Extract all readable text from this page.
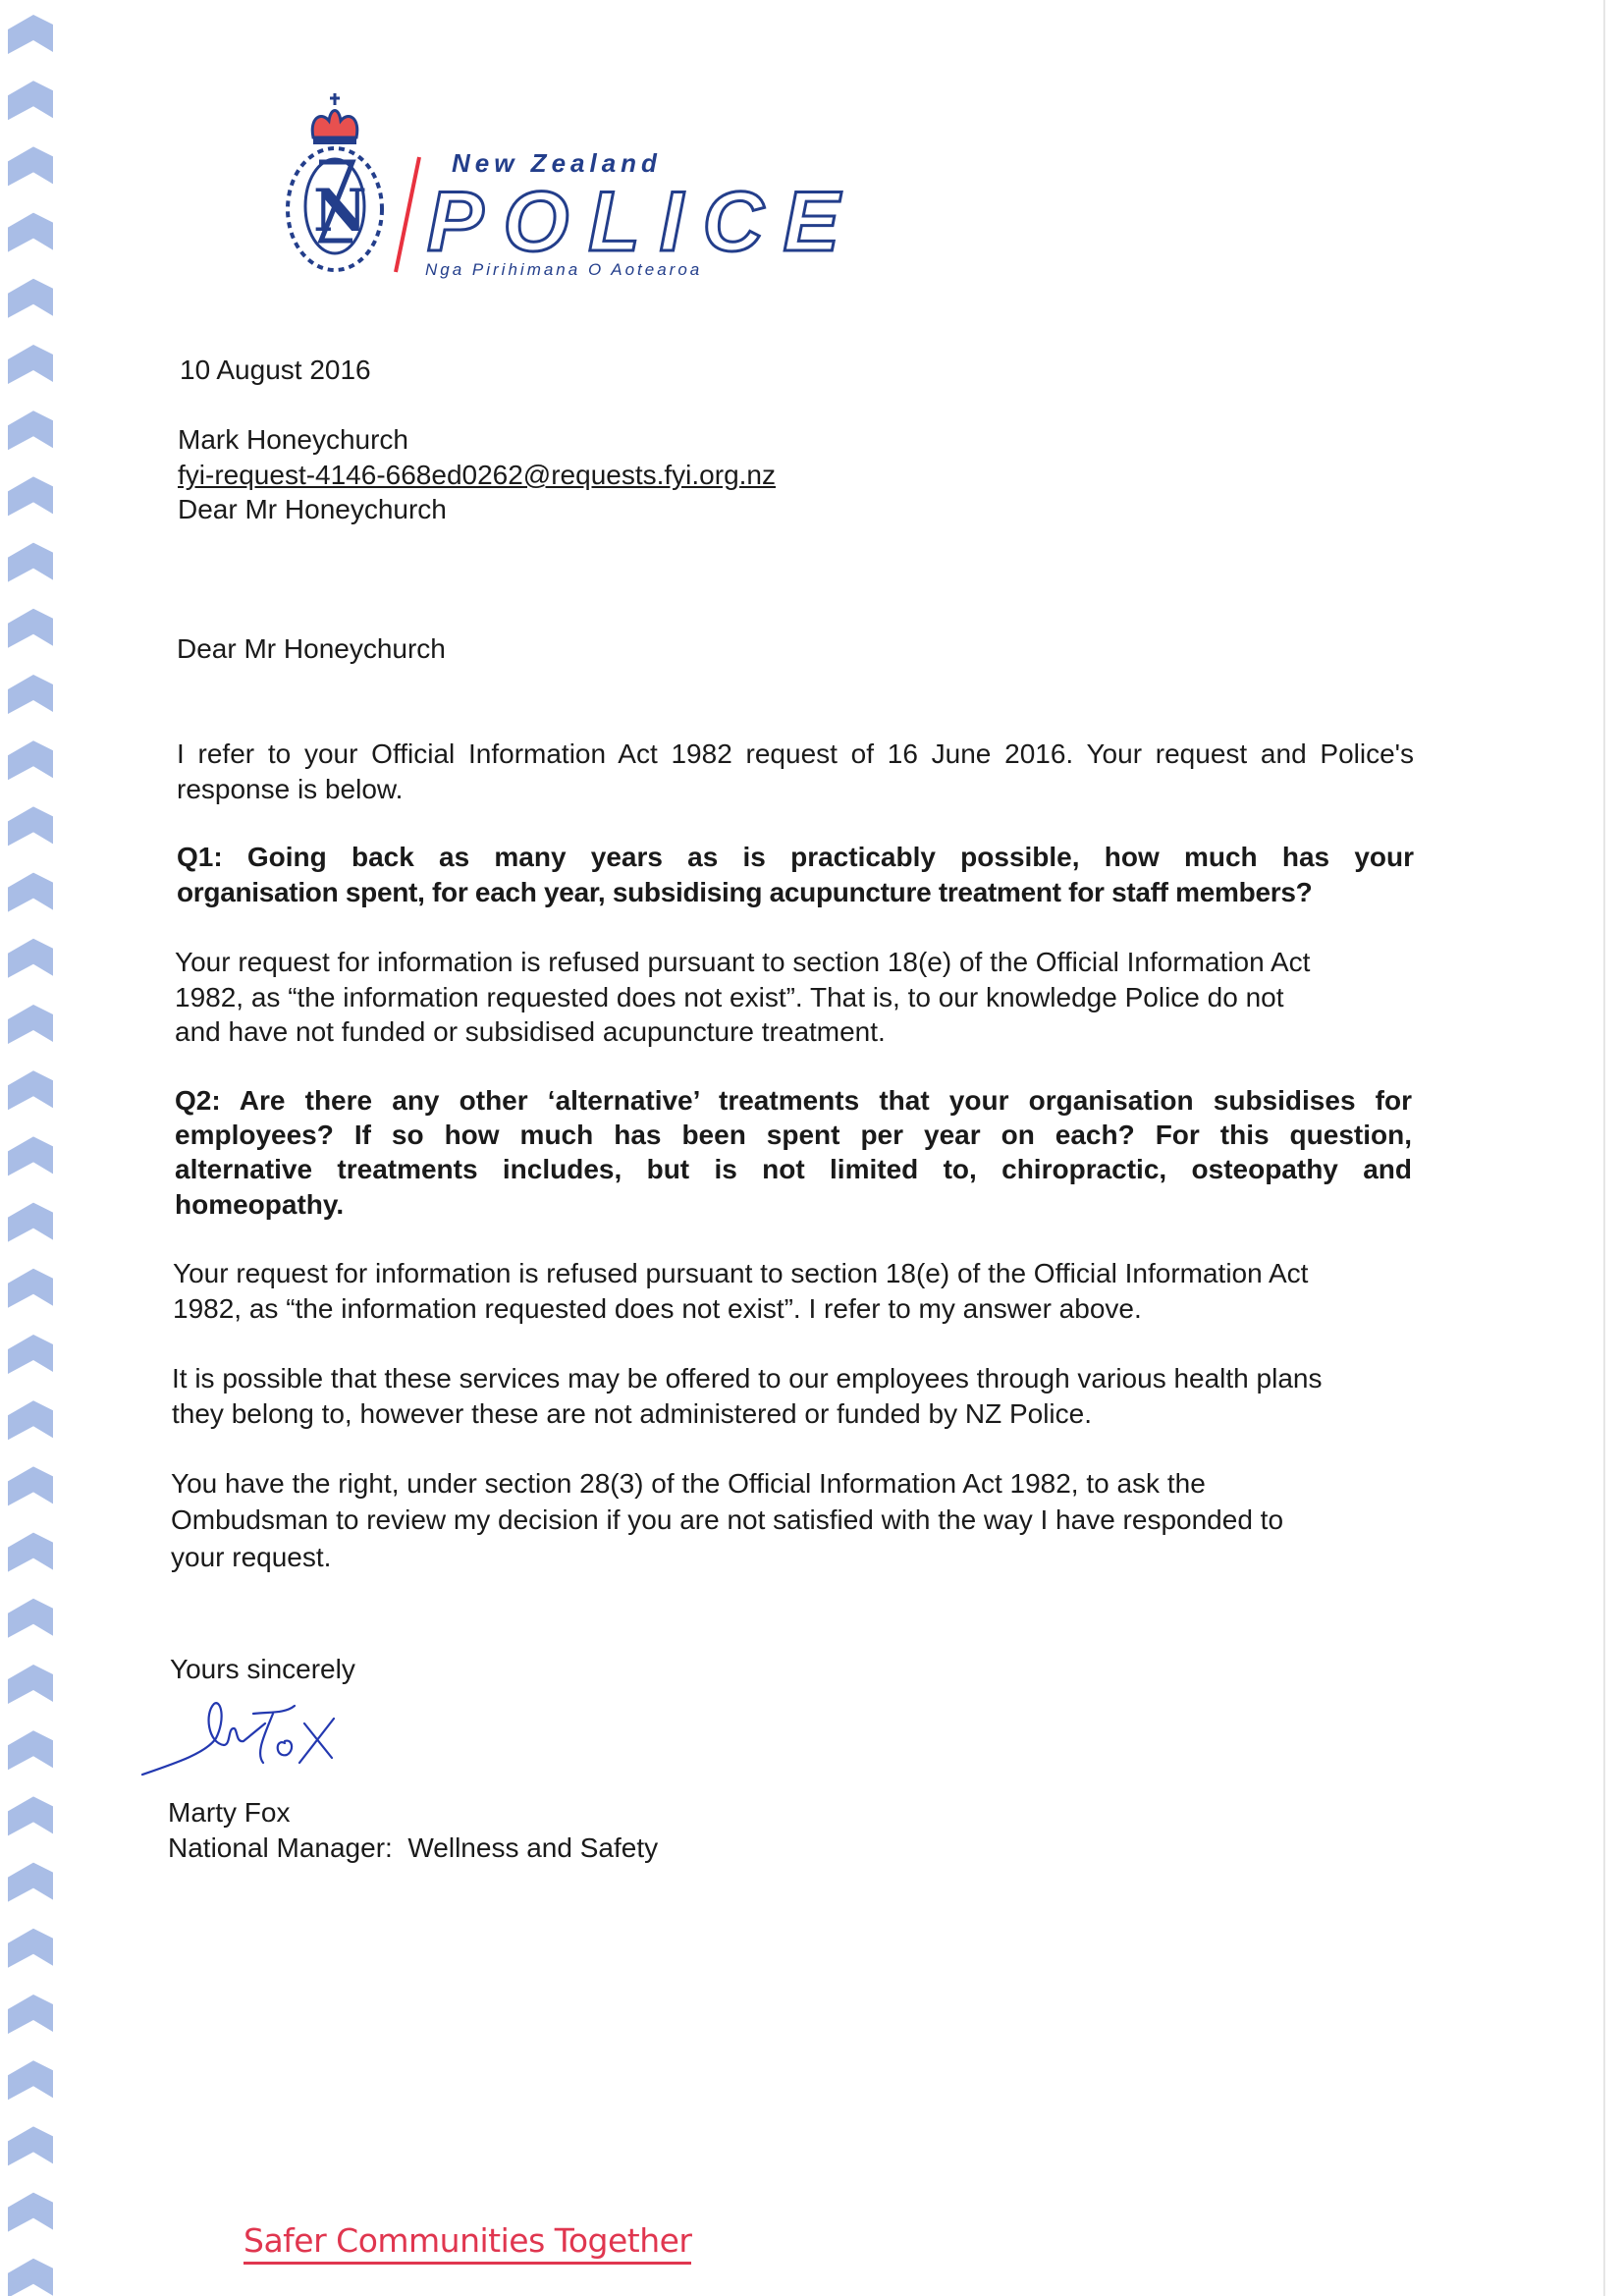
N
New Zealand
POLICE
Nga Pirihimana O Aotearoa
10 August 2016
Mark Honeychurch
fyi-request-4146-668ed0262@requests.fyi.org.nz
Dear Mr Honeychurch
Dear Mr Honeychurch
I refer to your Official Information Act 1982 request of 16 June 2016. Your request and Police's
response is below.
Q1: Going back as many years as is practicably possible, how much has your
organisation spent, for each year, subsidising acupuncture treatment for staff members?
Your request for information is refused pursuant to section 18(e) of the Official Information Act
1982, as “the information requested does not exist”. That is, to our knowledge Police do not
and have not funded or subsidised acupuncture treatment.
Q2: Are there any other ‘alternative’ treatments that your organisation subsidises for
employees? If so how much has been spent per year on each? For this question,
alternative treatments includes, but is not limited to, chiropractic, osteopathy and
homeopathy.
Your request for information is refused pursuant to section 18(e) of the Official Information Act
1982, as “the information requested does not exist”. I refer to my answer above.
It is possible that these services may be offered to our employees through various health plans
they belong to, however these are not administered or funded by NZ Police.
You have the right, under section 28(3) of the Official Information Act 1982, to ask the
Ombudsman to review my decision if you are not satisfied with the way I have responded to
your request.
Yours sincerely
Marty Fox
National Manager:  Wellness and Safety
Safer Communities Together
